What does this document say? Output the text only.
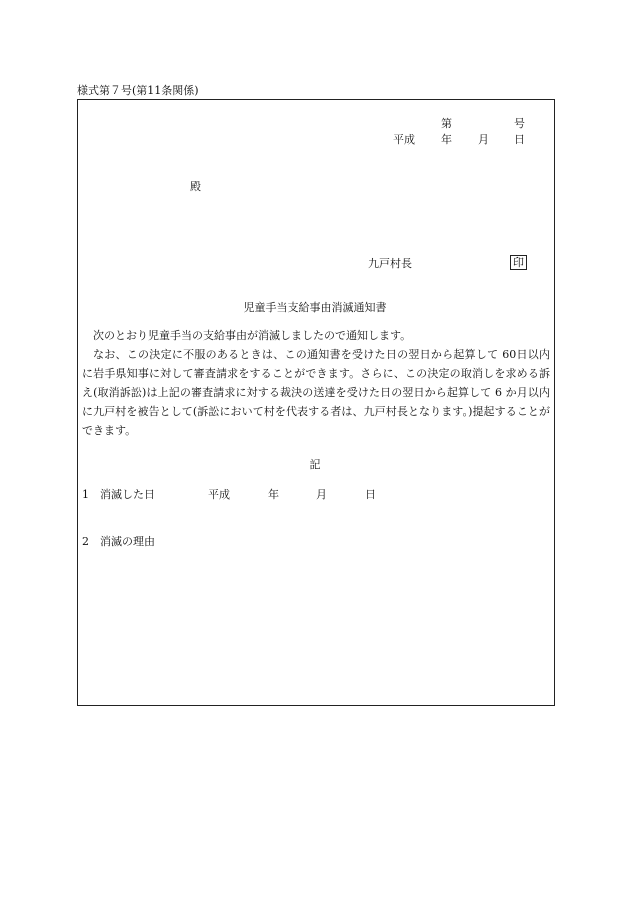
様式第７号(第11条関係)
第	号
平成 年 月 日
殿
九戸村長	印
児童手当支給事由消滅通知書

次のとおり児童手当の支給事由が消滅しましたので通知します。

なお、この決定に不服のあるときは、この通知書を受けた日の翌日から起算して 60日以内に岩手県知事に対して審査請求をすることができます。さらに、この決定の取消しを求める訴え(取消訴訟)は上記の審査請求に対する裁決の送達を受けた日の翌日から起算して 6 か月以内に九戸村を被告として(訴訟において村を代表する者は、九戸村長となります。)提起することができます。

記
1 消滅した日	平成	年	月	日
2 消滅の理由
